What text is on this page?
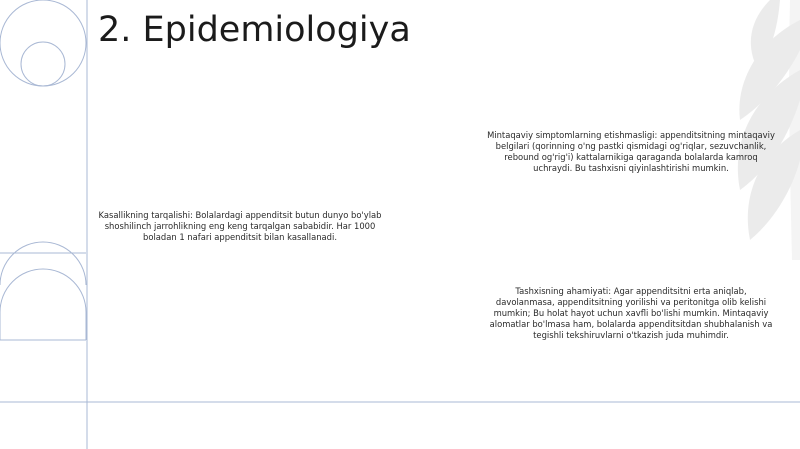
2. Epidemiologiya
Kasallikning tarqalishi: Bolalardagi appenditsit butun dunyo bo'ylab shoshilinch jarrohlikning eng keng tarqalgan sababidir. Har 1000 boladan 1 nafari appenditsit bilan kasallanadi.
Mintaqaviy simptomlarning etishmasligi: appenditsitning mintaqaviy belgilari (qorinning o'ng pastki qismidagi og'riqlar, sezuvchanlik, rebound og'rig'i) kattalarnikiga qaraganda bolalarda kamroq uchraydi. Bu tashxisni qiyinlashtirishi mumkin.
Tashxisning ahamiyati: Agar appenditsitni erta aniqlab, davolanmasa, appenditsitning yorilishi va peritonitga olib kelishi mumkin; Bu holat hayot uchun xavfli bo'lishi mumkin. Mintaqaviy alomatlar bo'lmasa ham, bolalarda appenditsitdan shubhalanish va tegishli tekshiruvlarni o'tkazish juda muhimdir.
